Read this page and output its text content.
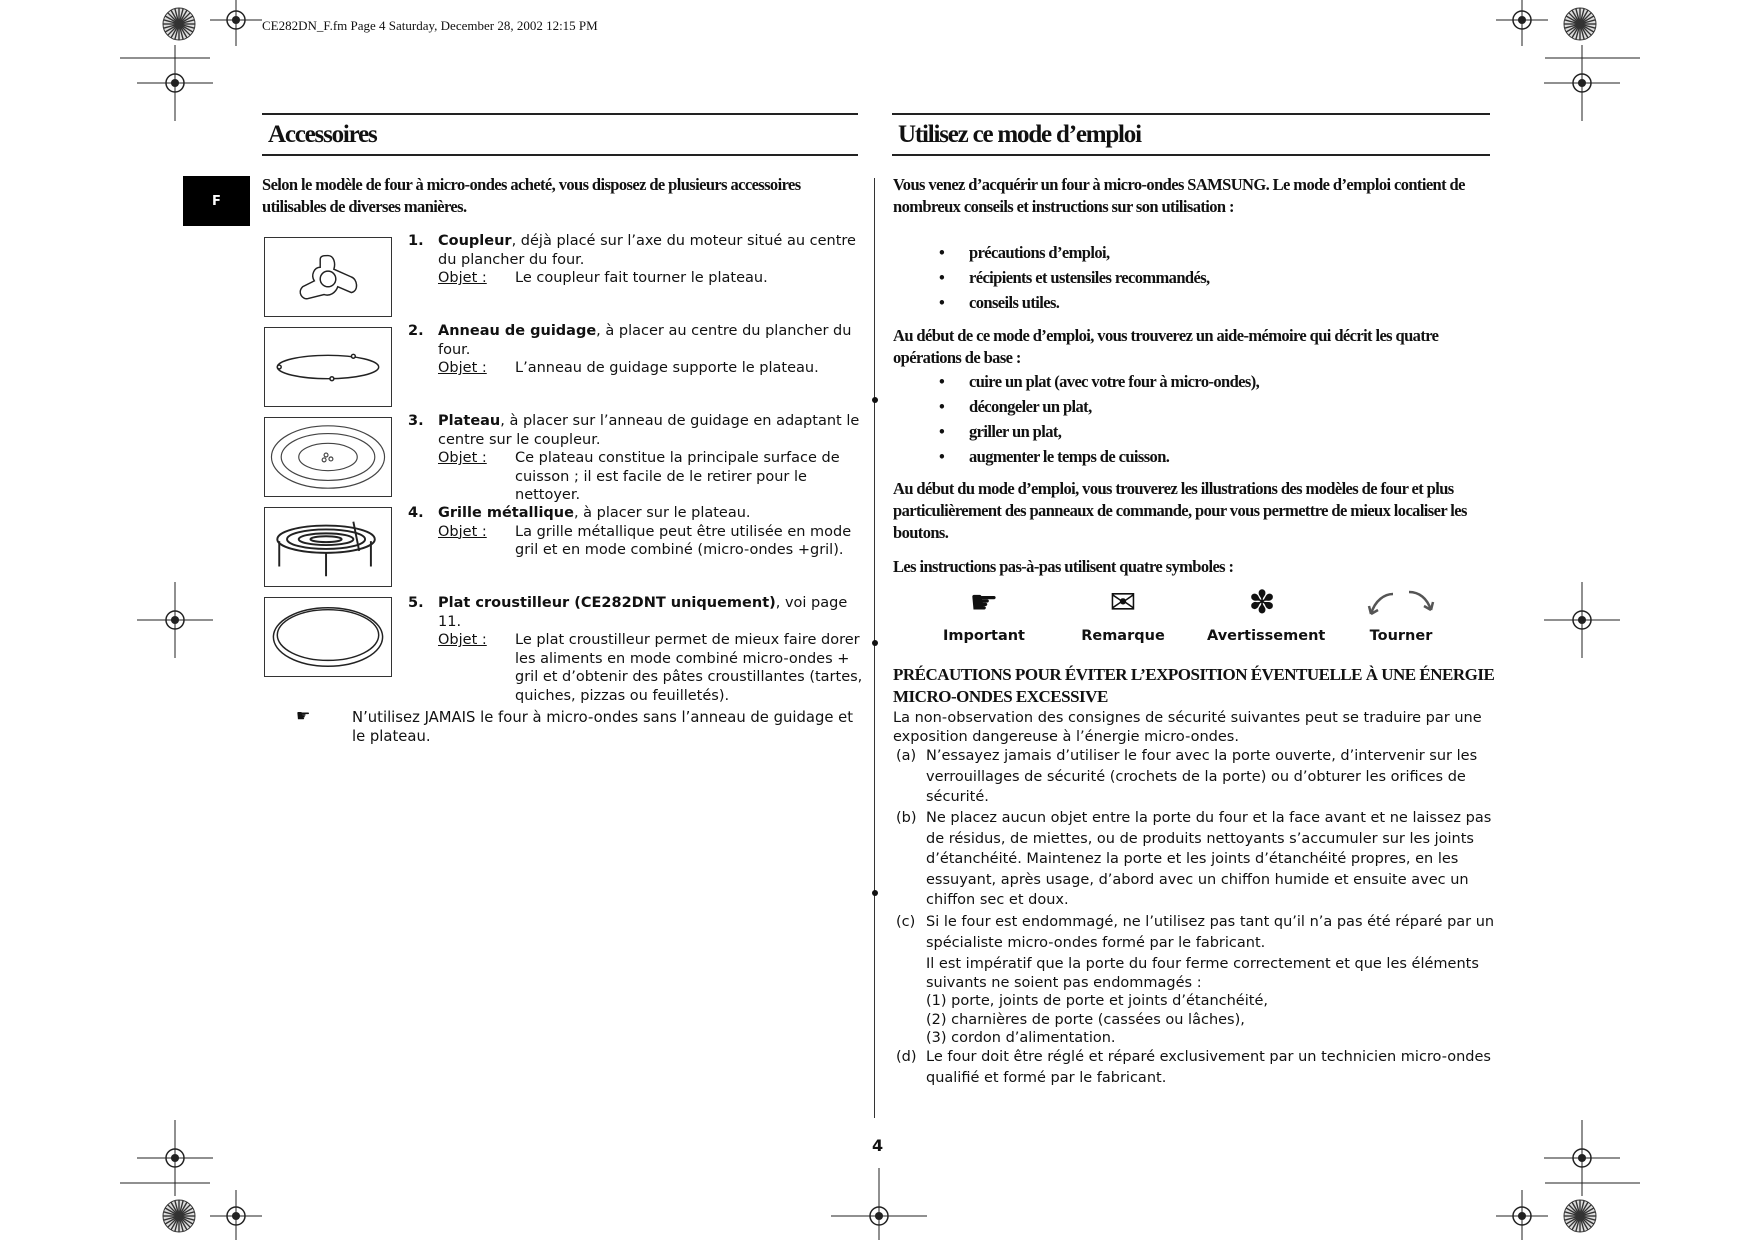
CE282DN_F.fm Page 4 Saturday, December 28, 2002 12:15 PM
F
Accessoires
Selon le modèle de four à micro-ondes acheté, vous disposez de plusieurs accessoires utilisables de diverses manières.
1. Coupleur, déjà placé sur l’axe du moteur situé au centre du plancher du four.
Objet :	Le coupleur fait tourner le plateau.
2. Anneau de guidage, à placer au centre du plancher du four.
Objet :	L’anneau de guidage supporte le plateau.
3. Plateau, à placer sur l’anneau de guidage en adaptant le centre sur le coupleur.
Objet :	Ce plateau constitue la principale surface de cuisson ; il est facile de le retirer pour le nettoyer.
4. Grille métallique, à placer sur le plateau.
Objet :	La grille métallique peut être utilisée en mode gril et en mode combiné (micro-ondes +gril).
5. Plat croustilleur (CE282DNT uniquement), voi page 11.
Objet :	Le plat croustilleur permet de mieux faire dorer les aliments en mode combiné micro-ondes + gril et d’obtenir des pâtes croustillantes (tartes, quiches, pizzas ou feuilletés).
☛	N’utilisez JAMAIS le four à micro-ondes sans l’anneau de guidage et le plateau.
Utilisez ce mode d’emploi
Vous venez d’acquérir un four à micro-ondes SAMSUNG. Le mode d’emploi contient de nombreux conseils et instructions sur son utilisation :
• précautions d’emploi,
• récipients et ustensiles recommandés,
• conseils utiles.
Au début de ce mode d’emploi, vous trouverez un aide-mémoire qui décrit les quatre opérations de base :
• cuire un plat (avec votre four à micro-ondes),
• décongeler un plat,
• griller un plat,
• augmenter le temps de cuisson.
Au début du mode d’emploi, vous trouverez les illustrations des modèles de four et plus particulièrement des panneaux de commande, pour vous permettre de mieux localiser les boutons.
Les instructions pas-à-pas utilisent quatre symboles :
☛
Important
✉
Remarque
✽
Avertissement	Tourner
PRÉCAUTIONS POUR ÉVITER L’EXPOSITION ÉVENTUELLE À UNE ÉNERGIE MICRO-ONDES EXCESSIVE
La non-observation des consignes de sécurité suivantes peut se traduire par une exposition dangereuse à l’énergie micro-ondes.
(a) N’essayez jamais d’utiliser le four avec la porte ouverte, d’intervenir sur les verrouillages de sécurité (crochets de la porte) ou d’obturer les orifices de sécurité.
(b) Ne placez aucun objet entre la porte du four et la face avant et ne laissez pas de résidus, de miettes, ou de produits nettoyants s’accumuler sur les joints d’étanchéité. Maintenez la porte et les joints d’étanchéité propres, en les essuyant, après usage, d’abord avec un chiffon humide et ensuite avec un chiffon sec et doux.
(c) Si le four est endommagé, ne l’utilisez pas tant qu’il n’a pas été réparé par un spécialiste micro-ondes formé par le fabricant.
Il est impératif que la porte du four ferme correctement et que les éléments suivants ne soient pas endommagés :
(1) porte, joints de porte et joints d’étanchéité,
(2) charnières de porte (cassées ou lâches),
(3) cordon d’alimentation.
(d) Le four doit être réglé et réparé exclusivement par un technicien micro-ondes qualifié et formé par le fabricant.
4
